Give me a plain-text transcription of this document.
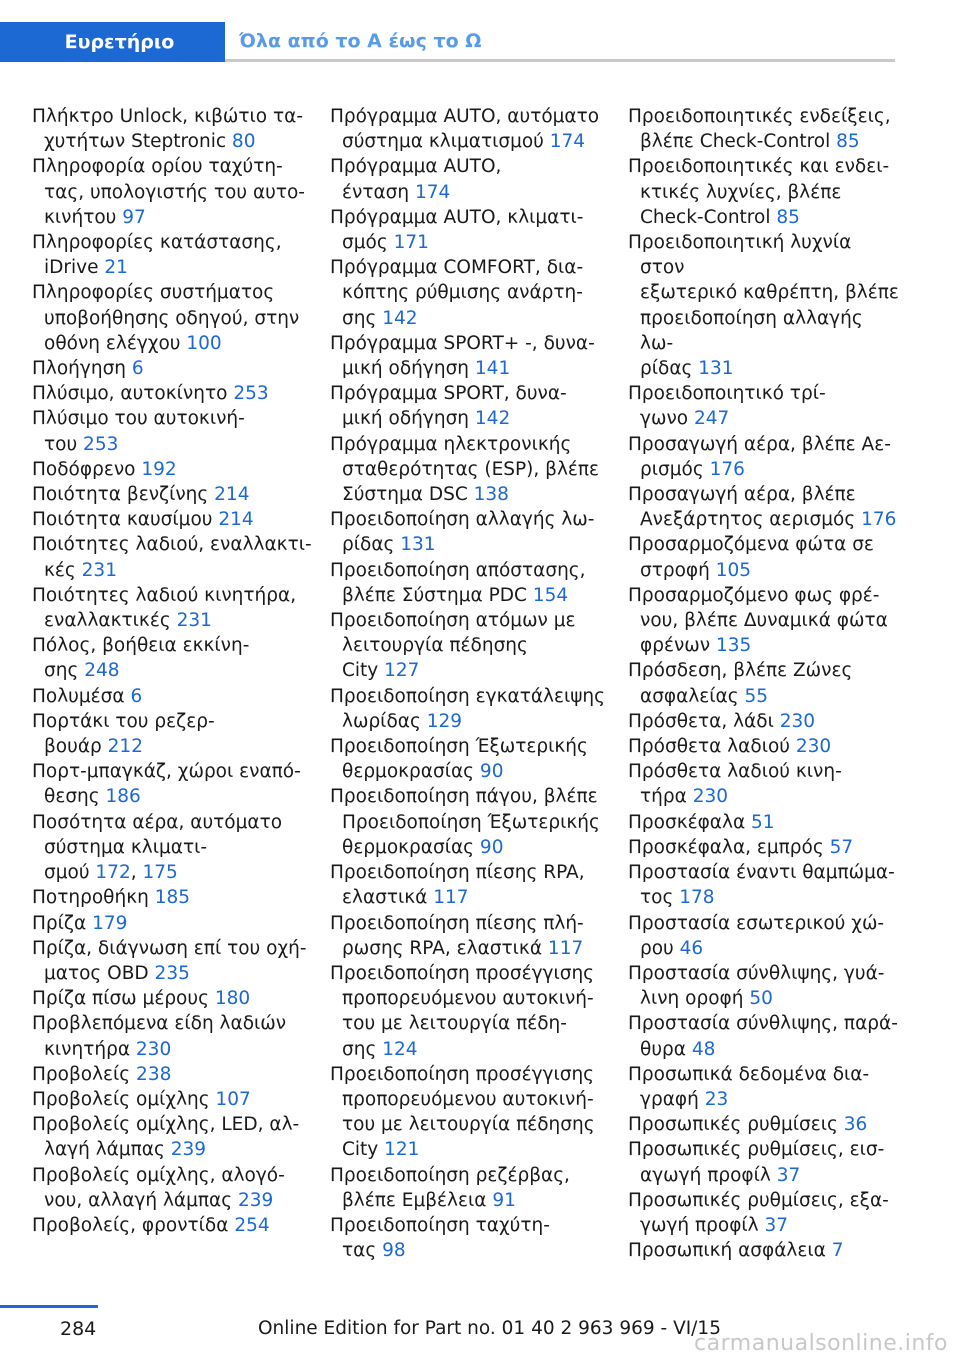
Ευρετήριο	Όλα από το Α έως το Ω
Πλήκτρο Unlock, κιβώτιο τα-
χυτήτων Steptronic 80
Πληροφορία ορίου ταχύτη-
τας, υπολογιστής του αυτο-
κινήτου 97
Πληροφορίες κατάστασης,
iDrive 21
Πληροφορίες συστήματος
υποβοήθησης οδηγού, στην
οθόνη ελέγχου 100
Πλοήγηση 6
Πλύσιμο, αυτοκίνητο 253
Πλύσιμο του αυτοκινή-
του 253
Ποδόφρενο 192
Ποιότητα βενζίνης 214
Ποιότητα καυσίμου 214
Ποιότητες λαδιού, εναλλακτι-
κές 231
Ποιότητες λαδιού κινητήρα,
εναλλακτικές 231
Πόλος, βοήθεια εκκίνη-
σης 248
Πολυμέσα 6
Πορτάκι του ρεζερ-
βουάρ 212
Πορτ-μπαγκάζ, χώροι εναπό-
θεσης 186
Ποσότητα αέρα, αυτόματο
σύστημα κλιματι-
σμού 172, 175
Ποτηροθήκη 185
Πρίζα 179
Πρίζα, διάγνωση επί του οχή-
ματος OBD 235
Πρίζα πίσω μέρους 180
Προβλεπόμενα είδη λαδιών
κινητήρα 230
Προβολείς 238
Προβολείς ομίχλης 107
Προβολείς ομίχλης, LED, αλ-
λαγή λάμπας 239
Προβολείς ομίχλης, αλογό-
νου, αλλαγή λάμπας 239
Προβολείς, φροντίδα 254
Πρόγραμμα AUTO, αυτόματο
σύστημα κλιματισμού 174
Πρόγραμμα AUTO,
ένταση 174
Πρόγραμμα AUTO, κλιματι-
σμός 171
Πρόγραμμα COMFORT, δια-
κόπτης ρύθμισης ανάρτη-
σης 142
Πρόγραμμα SPORT+ -, δυνα-
μική οδήγηση 141
Πρόγραμμα SPORT, δυνα-
μική οδήγηση 142
Πρόγραμμα ηλεκτρονικής
σταθερότητας (ESP), βλέπε
Σύστημα DSC 138
Προειδοποίηση αλλαγής λω-
ρίδας 131
Προειδοποίηση απόστασης,
βλέπε Σύστημα PDC 154
Προειδοποίηση ατόμων με
λειτουργία πέδησης
City 127
Προειδοποίηση εγκατάλειψης
λωρίδας 129
Προειδοποίηση Έξωτερικής
θερμοκρασίας 90
Προειδοποίηση πάγου, βλέπε
Προειδοποίηση Έξωτερικής
θερμοκρασίας 90
Προειδοποίηση πίεσης RPA,
ελαστικά 117
Προειδοποίηση πίεσης πλή-
ρωσης RPA, ελαστικά 117
Προειδοποίηση προσέγγισης
προπορευόμενου αυτοκινή-
του με λειτουργία πέδη-
σης 124
Προειδοποίηση προσέγγισης
προπορευόμενου αυτοκινή-
του με λειτουργία πέδησης
City 121
Προειδοποίηση ρεζέρβας,
βλέπε Εμβέλεια 91
Προειδοποίηση ταχύτη-
τας 98
Προειδοποιητικές ενδείξεις,
βλέπε Check-Control 85
Προειδοποιητικές και ενδει-
κτικές λυχνίες, βλέπε
Check-Control 85
Προειδοποιητική λυχνία στον
εξωτερικό καθρέπτη, βλέπε
προειδοποίηση αλλαγής λω-
ρίδας 131
Προειδοποιητικό τρί-
γωνο 247
Προσαγωγή αέρα, βλέπε Αε-
ρισμός 176
Προσαγωγή αέρα, βλέπε
Ανεξάρτητος αερισμός 176
Προσαρμοζόμενα φώτα σε
στροφή 105
Προσαρμοζόμενο φως φρέ-
νου, βλέπε Δυναμικά φώτα
φρένων 135
Πρόσδεση, βλέπε Ζώνες
ασφαλείας 55
Πρόσθετα, λάδι 230
Πρόσθετα λαδιού 230
Πρόσθετα λαδιού κινη-
τήρα 230
Προσκέφαλα 51
Προσκέφαλα, εμπρός 57
Προστασία έναντι θαμπώμα-
τος 178
Προστασία εσωτερικού χώ-
ρου 46
Προστασία σύνθλιψης, γυά-
λινη οροφή 50
Προστασία σύνθλιψης, παρά-
θυρα 48
Προσωπικά δεδομένα δια-
γραφή 23
Προσωπικές ρυθμίσεις 36
Προσωπικές ρυθμίσεις, εισ-
αγωγή προφίλ 37
Προσωπικές ρυθμίσεις, εξα-
γωγή προφίλ 37
Προσωπική ασφάλεια 7
284	Online Edition for Part no. 01 40 2 963 969 - VI/15
carmanualsonline.info
